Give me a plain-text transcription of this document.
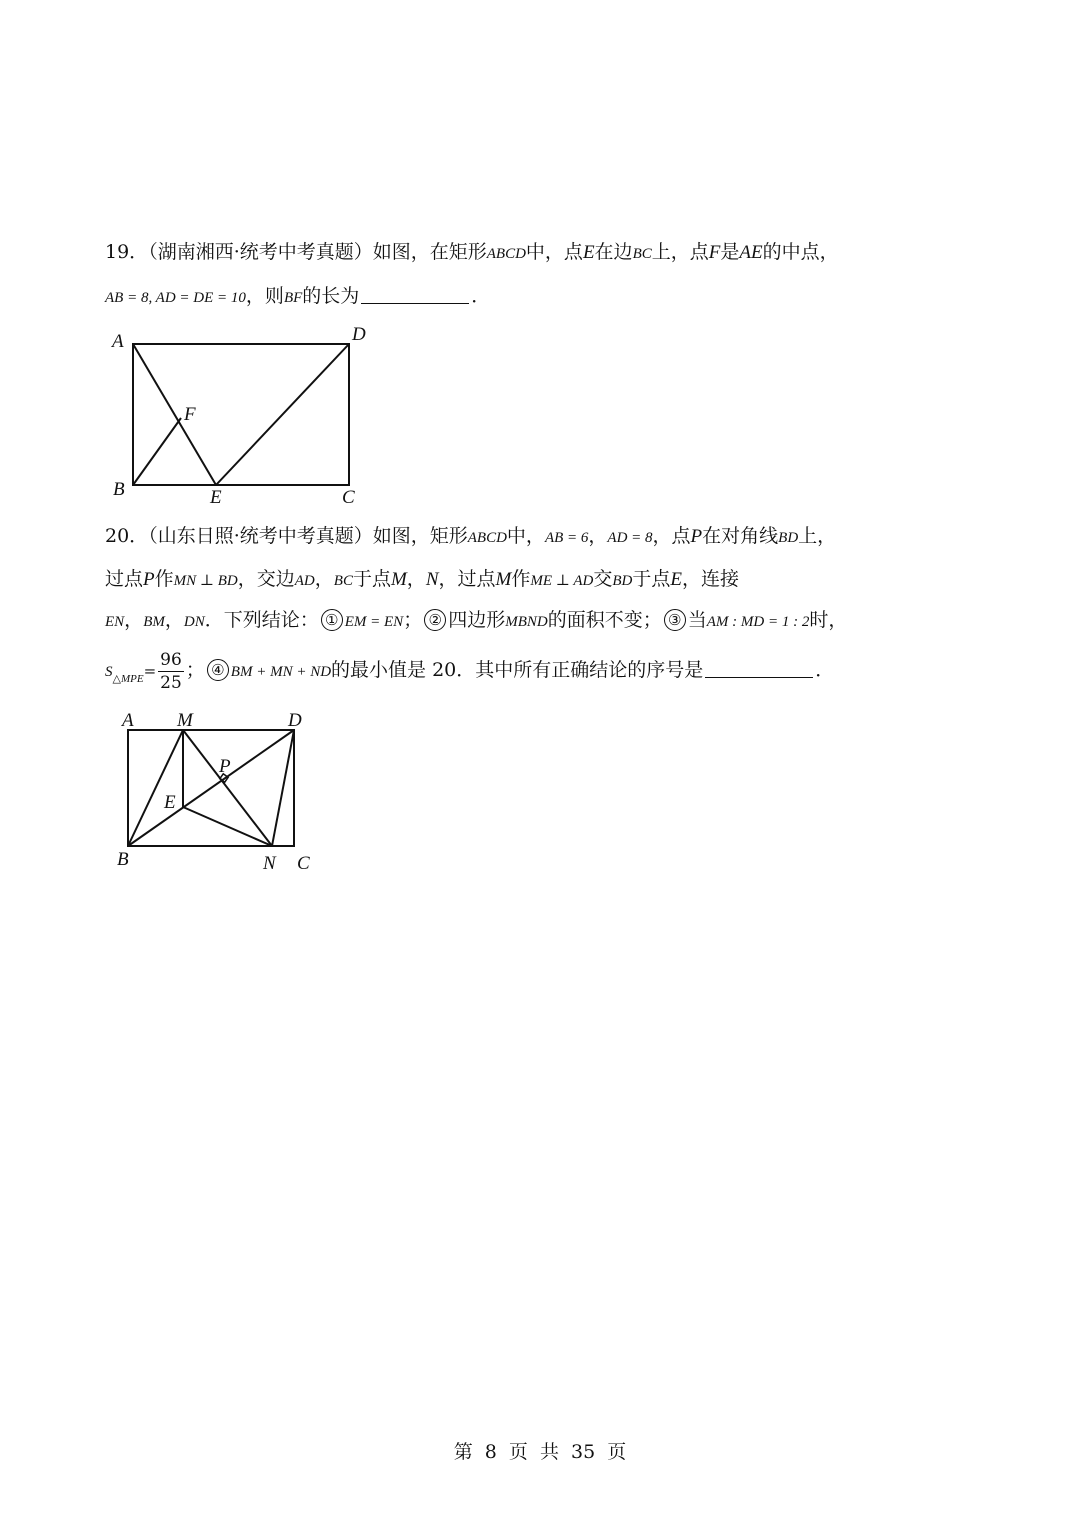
19．（湖南湘西·统考中考真题）如图，在矩形ABCD中，点E在边BC上，点F是AE的中点，
AB = 8, AD = DE = 10，则BF的长为	．
A	D
F
B	E	C
20．（山东日照·统考中考真题）如图，矩形ABCD中，AB = 6，AD = 8，点P在对角线BD上，
过点P作MN ⊥ BD，交边AD，BC于点M，N，过点M作ME ⊥ AD交BD于点E，连接
EN，BM，DN．下列结论： ① EM = EN； ② 四边形MBND的面积不变； ③ 当AM : MD = 1 : 2时，
$S_{\triangle MPE}= \frac{96}{25}$ ； ④ BM + MN + ND的最小值是 20．其中所有正确结论的序号是	．
A M	D
P
E
B	N C
第 8 页 共 35 页
